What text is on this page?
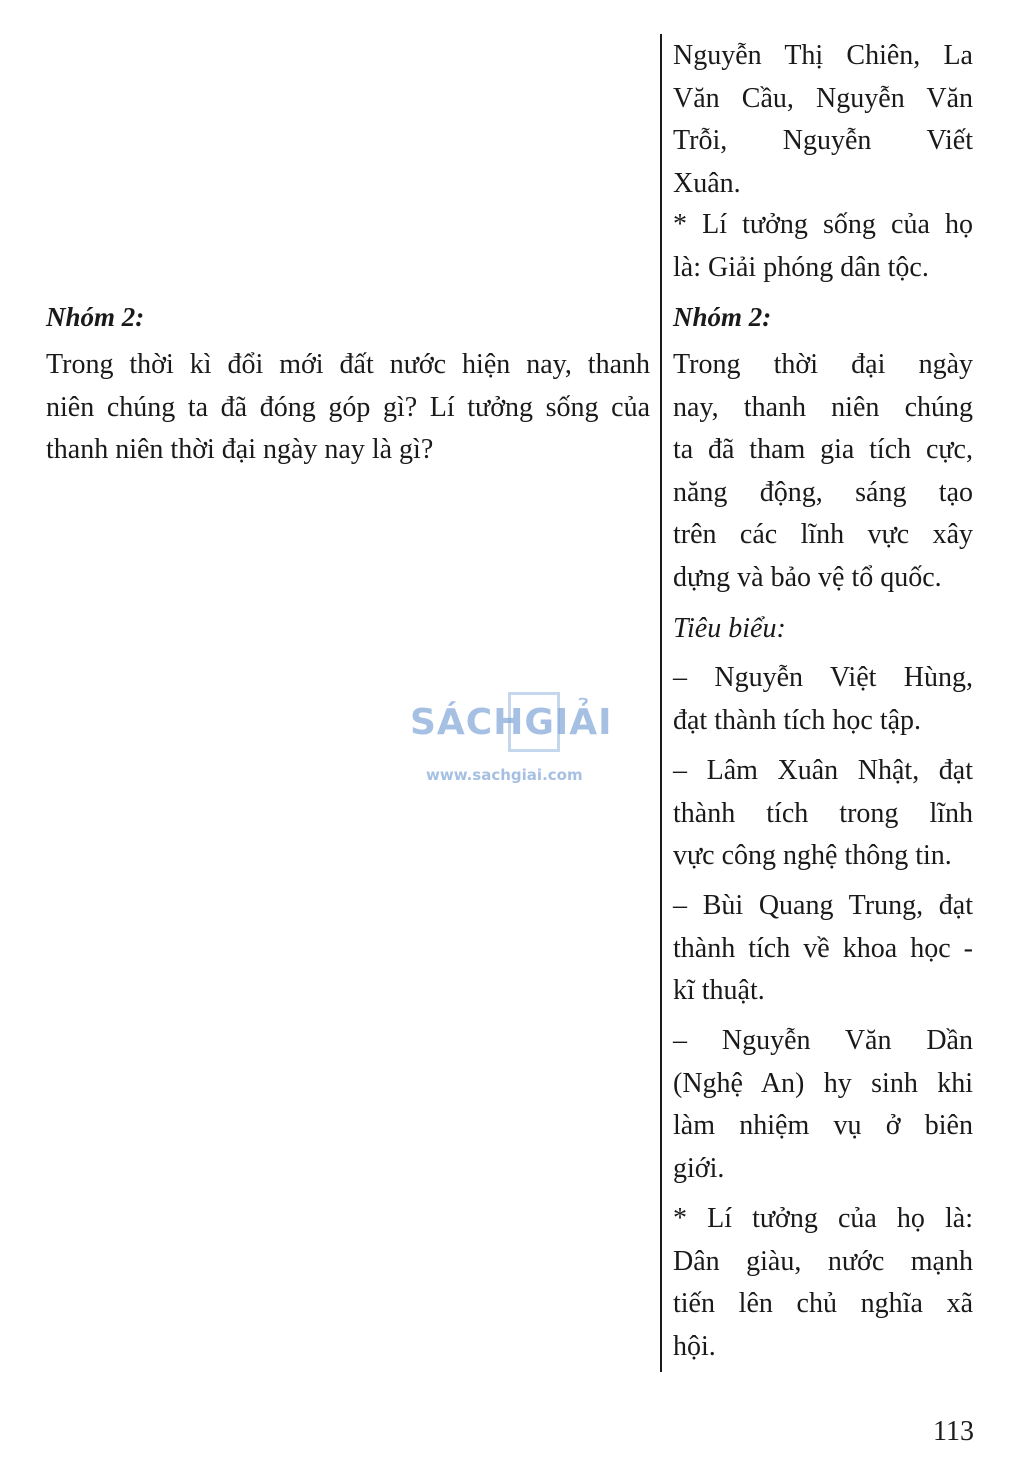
Nhóm 2:
Trong thời kì đổi mới đất nước hiện nay, thanh
niên chúng ta đã đóng góp gì? Lí tưởng sống của
thanh niên thời đại ngày nay là gì?
Nguyễn Thị Chiên, La
Văn Cầu, Nguyễn Văn
Trỗi, Nguyễn Viết
Xuân.
* Lí tưởng sống của họ
là: Giải phóng dân tộc.
Nhóm 2:
Trong thời đại ngày
nay, thanh niên chúng
ta đã tham gia tích cực,
năng động, sáng tạo
trên các lĩnh vực xây
dựng và bảo vệ tổ quốc.
Tiêu biểu:
– Nguyễn Việt Hùng,
đạt thành tích học tập.
– Lâm Xuân Nhật, đạt
thành tích trong lĩnh
vực công nghệ thông tin.
– Bùi Quang Trung, đạt
thành tích về khoa học -
kĩ thuật.
– Nguyễn Văn Dần
(Nghệ An) hy sinh khi
làm nhiệm vụ ở biên
giới.
* Lí tưởng của họ là:
Dân giàu, nước mạnh
tiến lên chủ nghĩa xã
hội.
SÁCHGIẢI
www.sachgiai.com
113
